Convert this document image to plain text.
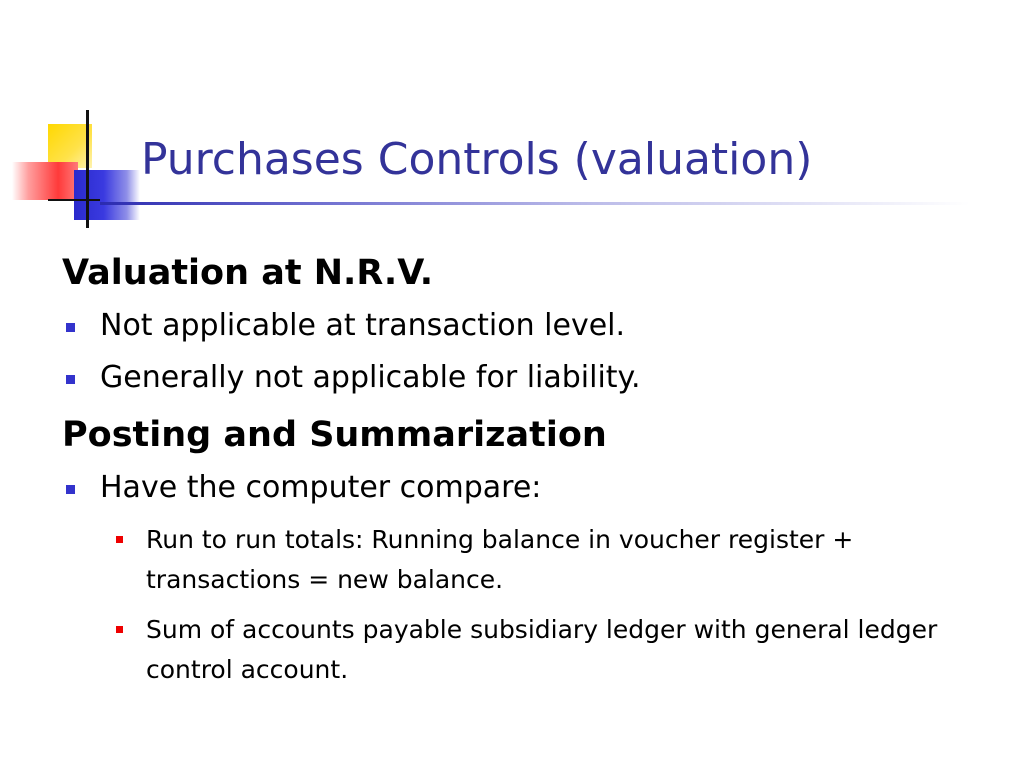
Purchases Controls (valuation)
Valuation at N.R.V.
Not applicable at transaction level.
Generally not applicable for liability.
Posting and Summarization
Have the computer compare:
Run to run totals: Running balance in voucher register + transactions = new balance.
Sum of accounts payable subsidiary ledger with general ledger control account.
